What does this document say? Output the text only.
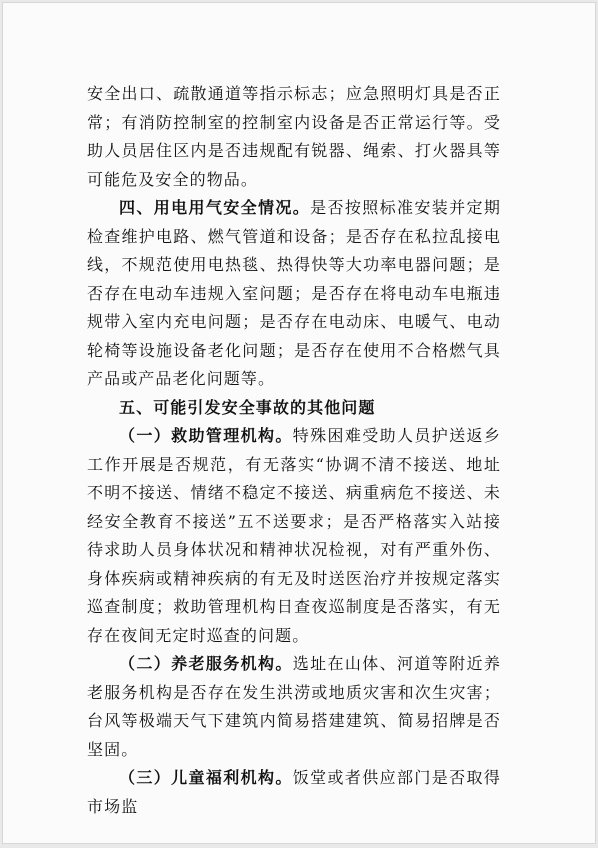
安全出口、疏散通道等指示标志；应急照明灯具是否正常；有消防控制室的控制室内设备是否正常运行等。受助人员居住区内是否违规配有锐器、绳索、打火器具等可能危及安全的物品。

四、用电用气安全情况。是否按照标准安装并定期检查维护电路、燃气管道和设备；是否存在私拉乱接电线，不规范使用电热毯、热得快等大功率电器问题；是否存在电动车违规入室问题；是否存在将电动车电瓶违规带入室内充电问题；是否存在电动床、电暖气、电动轮椅等设施设备老化问题；是否存在使用不合格燃气具产品或产品老化问题等。

五、可能引发安全事故的其他问题

（一）救助管理机构。特殊困难受助人员护送返乡工作开展是否规范，有无落实“协调不清不接送、地址不明不接送、情绪不稳定不接送、病重病危不接送、未经安全教育不接送”五不送要求；是否严格落实入站接待求助人员身体状况和精神状况检视，对有严重外伤、身体疾病或精神疾病的有无及时送医治疗并按规定落实巡查制度；救助管理机构日查夜巡制度是否落实，有无存在夜间无定时巡查的问题。

（二）养老服务机构。选址在山体、河道等附近养老服务机构是否存在发生洪涝或地质灾害和次生灾害；台风等极端天气下建筑内简易搭建建筑、简易招牌是否坚固。

（三）儿童福利机构。饭堂或者供应部门是否取得市场监
